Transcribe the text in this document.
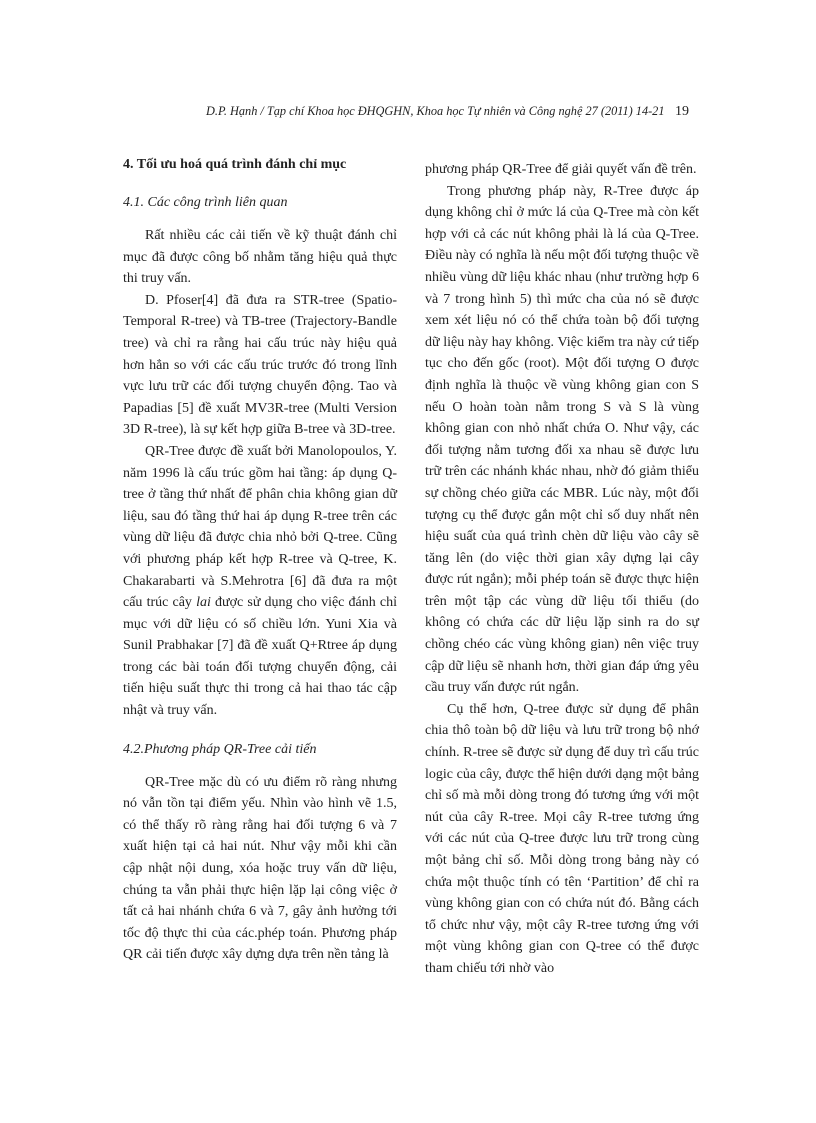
D.P. Hạnh / Tạp chí Khoa học ĐHQGHN, Khoa học Tự nhiên và Công nghệ 27 (2011) 14-21 19
4. Tối ưu hoá quá trình đánh chỉ mục
4.1. Các công trình liên quan

Rất nhiều các cải tiến về kỹ thuật đánh chỉ mục đã được công bố nhằm tăng hiệu quả thực thi truy vấn.

D. Pfoser[4] đã đưa ra STR-tree (Spatio-Temporal R-tree) và TB-tree (Trajectory-Bandle tree) và chỉ ra rằng hai cấu trúc này hiệu quả hơn hẳn so với các cấu trúc trước đó trong lĩnh vực lưu trữ các đối tượng chuyển động. Tao và Papadias [5] đề xuất MV3R-tree (Multi Version 3D R-tree), là sự kết hợp giữa B-tree và 3D-tree.

QR-Tree được đề xuất bởi Manolopoulos, Y. năm 1996 là cấu trúc gồm hai tầng: áp dụng Q-tree ở tầng thứ nhất để phân chia không gian dữ liệu, sau đó tầng thứ hai áp dụng R-tree trên các vùng dữ liệu đã được chia nhỏ bởi Q-tree. Cũng với phương pháp kết hợp R-tree và Q-tree, K. Chakarabarti và S.Mehrotra [6] đã đưa ra một cấu trúc cây lai được sử dụng cho việc đánh chỉ mục với dữ liệu có số chiều lớn. Yuni Xia và Sunil Prabhakar [7] đã đề xuất Q+Rtree áp dụng trong các bài toán đối tượng chuyển động, cải tiến hiệu suất thực thi trong cả hai thao tác cập nhật và truy vấn.

4.2.Phương pháp QR-Tree cải tiến

QR-Tree mặc dù có ưu điểm rõ ràng nhưng nó vẫn tồn tại điểm yếu. Nhìn vào hình vẽ 1.5, có thể thấy rõ ràng rằng hai đối tượng 6 và 7 xuất hiện tại cả hai nút. Như vậy mỗi khi cần cập nhật nội dung, xóa hoặc truy vấn dữ liệu, chúng ta vẫn phải thực hiện lặp lại công việc ở tất cả hai nhánh chứa 6 và 7, gây ảnh hưởng tới tốc độ thực thi của các.phép toán. Phương pháp QR cải tiến được xây dựng dựa trên nền tảng là

phương pháp QR-Tree để giải quyết vấn đề trên.

Trong phương pháp này, R-Tree được áp dụng không chỉ ở mức lá của Q-Tree mà còn kết hợp với cả các nút không phải là lá của Q-Tree. Điều này có nghĩa là nếu một đối tượng thuộc về nhiều vùng dữ liệu khác nhau (như trường hợp 6 và 7 trong hình 5) thì mức cha của nó sẽ được xem xét liệu nó có thể chứa toàn bộ đối tượng dữ liệu này hay không. Việc kiểm tra này cứ tiếp tục cho đến gốc (root). Một đối tượng O được định nghĩa là thuộc về vùng không gian con S nếu O hoàn toàn nằm trong S và S là vùng không gian con nhỏ nhất chứa O. Như vậy, các đối tượng nằm tương đối xa nhau sẽ được lưu trữ trên các nhánh khác nhau, nhờ đó giảm thiểu sự chồng chéo giữa các MBR. Lúc này, một đối tượng cụ thể được gắn một chỉ số duy nhất nên hiệu suất của quá trình chèn dữ liệu vào cây sẽ tăng lên (do việc thời gian xây dựng lại cây được rút ngắn); mỗi phép toán sẽ được thực hiện trên một tập các vùng dữ liệu tối thiểu (do không có chứa các dữ liệu lặp sinh ra do sự chồng chéo các vùng không gian) nên việc truy cập dữ liệu sẽ nhanh hơn, thời gian đáp ứng yêu cầu truy vấn được rút ngắn.

Cụ thể hơn, Q-tree được sử dụng để phân chia thô toàn bộ dữ liệu và lưu trữ trong bộ nhớ chính. R-tree sẽ được sử dụng để duy trì cấu trúc logic của cây, được thể hiện dưới dạng một bảng chỉ số mà mỗi dòng trong đó tương ứng với một nút của cây R-tree. Mọi cây R-tree tương ứng với các nút của Q-tree được lưu trữ trong cùng một bảng chỉ số. Mỗi dòng trong bảng này có chứa một thuộc tính có tên ‘Partition’ để chỉ ra vùng không gian con có chứa nút đó. Bằng cách tổ chức như vậy, một cây R-tree tương ứng với một vùng không gian con Q-tree có thể được tham chiếu tới nhờ vào
